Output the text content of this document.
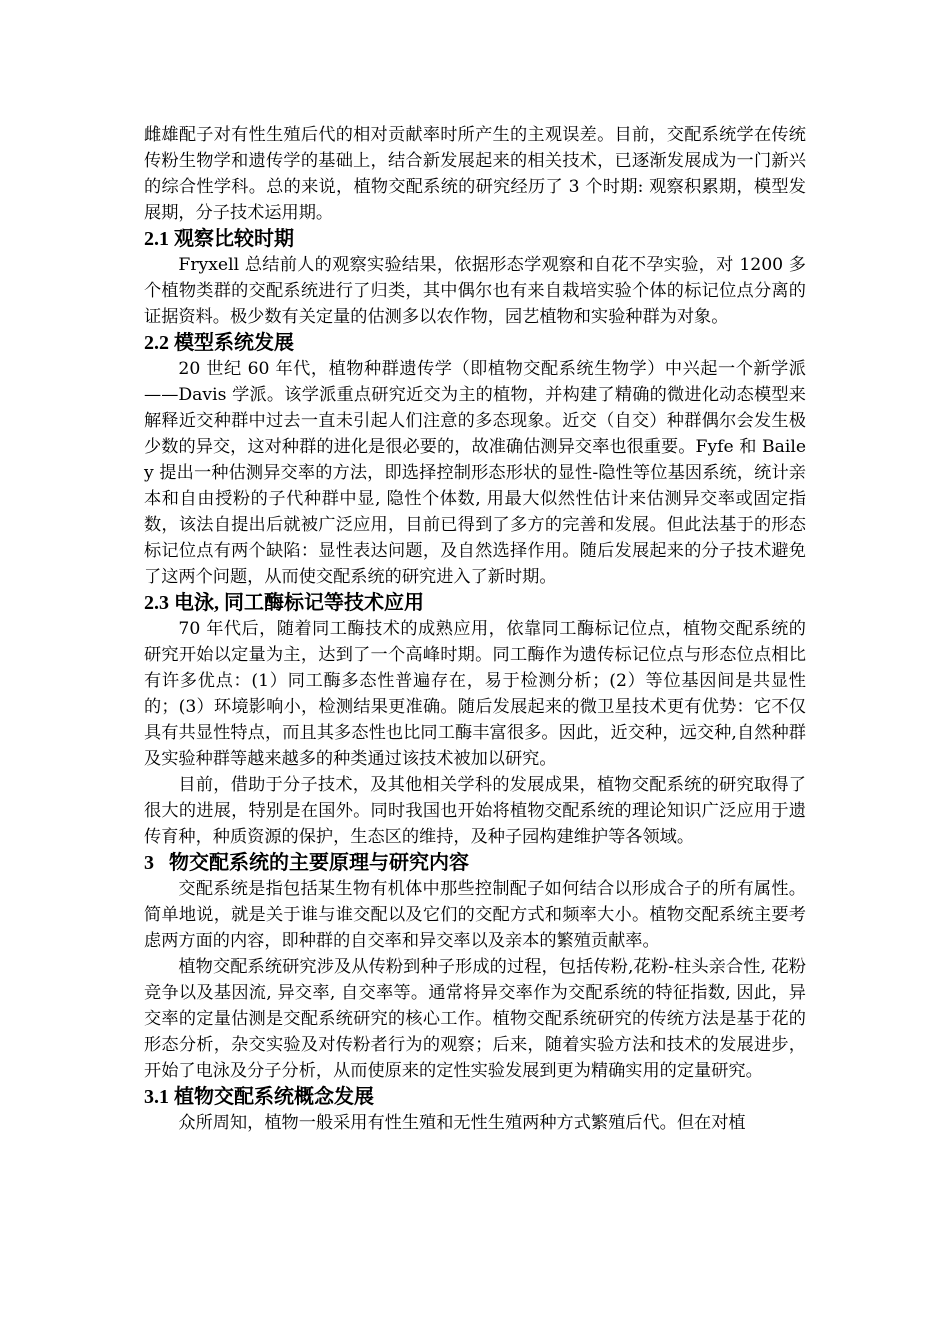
雌雄配子对有性生殖后代的相对贡献率时所产生的主观误差。目前，交配系统学在传统传粉生物学和遗传学的基础上，结合新发展起来的相关技术，已逐渐发展成为一门新兴的综合性学科。总的来说，植物交配系统的研究经历了 3 个时期: 观察积累期，模型发展期，分子技术运用期。

2.1 观察比较时期

Fryxell 总结前人的观察实验结果，依据形态学观察和自花不孕实验，对 1200 多个植物类群的交配系统进行了归类，其中偶尔也有来自栽培实验个体的标记位点分离的证据资料。极少数有关定量的估测多以农作物，园艺植物和实验种群为对象。

2.2 模型系统发展

20 世纪 60 年代，植物种群遗传学（即植物交配系统生物学）中兴起一个新学派——Davis 学派。该学派重点研究近交为主的植物，并构建了精确的微进化动态模型来解释近交种群中过去一直未引起人们注意的多态现象。近交（自交）种群偶尔会发生极少数的异交，这对种群的进化是很必要的，故准确估测异交率也很重要。Fyfe 和 Bailey 提出一种估测异交率的方法，即选择控制形态形状的显性-隐性等位基因系统，统计亲本和自由授粉的子代种群中显, 隐性个体数, 用最大似然性估计来估测异交率或固定指数，该法自提出后就被广泛应用，目前已得到了多方的完善和发展。但此法基于的形态标记位点有两个缺陷：显性表达问题，及自然选择作用。随后发展起来的分子技术避免了这两个问题，从而使交配系统的研究进入了新时期。

2.3 电泳, 同工酶标记等技术应用

70 年代后，随着同工酶技术的成熟应用，依靠同工酶标记位点，植物交配系统的研究开始以定量为主，达到了一个高峰时期。同工酶作为遗传标记位点与形态位点相比有许多优点：(1）同工酶多态性普遍存在，易于检测分析；(2）等位基因间是共显性的；(3）环境影响小，检测结果更准确。随后发展起来的微卫星技术更有优势：它不仅具有共显性特点，而且其多态性也比同工酶丰富很多。因此，近交种，远交种,自然种群及实验种群等越来越多的种类通过该技术被加以研究。

目前，借助于分子技术，及其他相关学科的发展成果，植物交配系统的研究取得了很大的进展，特别是在国外。同时我国也开始将植物交配系统的理论知识广泛应用于遗传育种，种质资源的保护，生态区的维持，及种子园构建维护等各领域。

3   物交配系统的主要原理与研究内容

交配系统是指包括某生物有机体中那些控制配子如何结合以形成合子的所有属性。简单地说，就是关于谁与谁交配以及它们的交配方式和频率大小。植物交配系统主要考虑两方面的内容，即种群的自交率和异交率以及亲本的繁殖贡献率。

植物交配系统研究涉及从传粉到种子形成的过程，包括传粉,花粉-柱头亲合性, 花粉竞争以及基因流, 异交率, 自交率等。通常将异交率作为交配系统的特征指数, 因此，异交率的定量估测是交配系统研究的核心工作。植物交配系统研究的传统方法是基于花的形态分析，杂交实验及对传粉者行为的观察；后来，随着实验方法和技术的发展进步，开始了电泳及分子分析，从而使原来的定性实验发展到更为精确实用的定量研究。

3.1 植物交配系统概念发展

众所周知，植物一般采用有性生殖和无性生殖两种方式繁殖后代。但在对植
